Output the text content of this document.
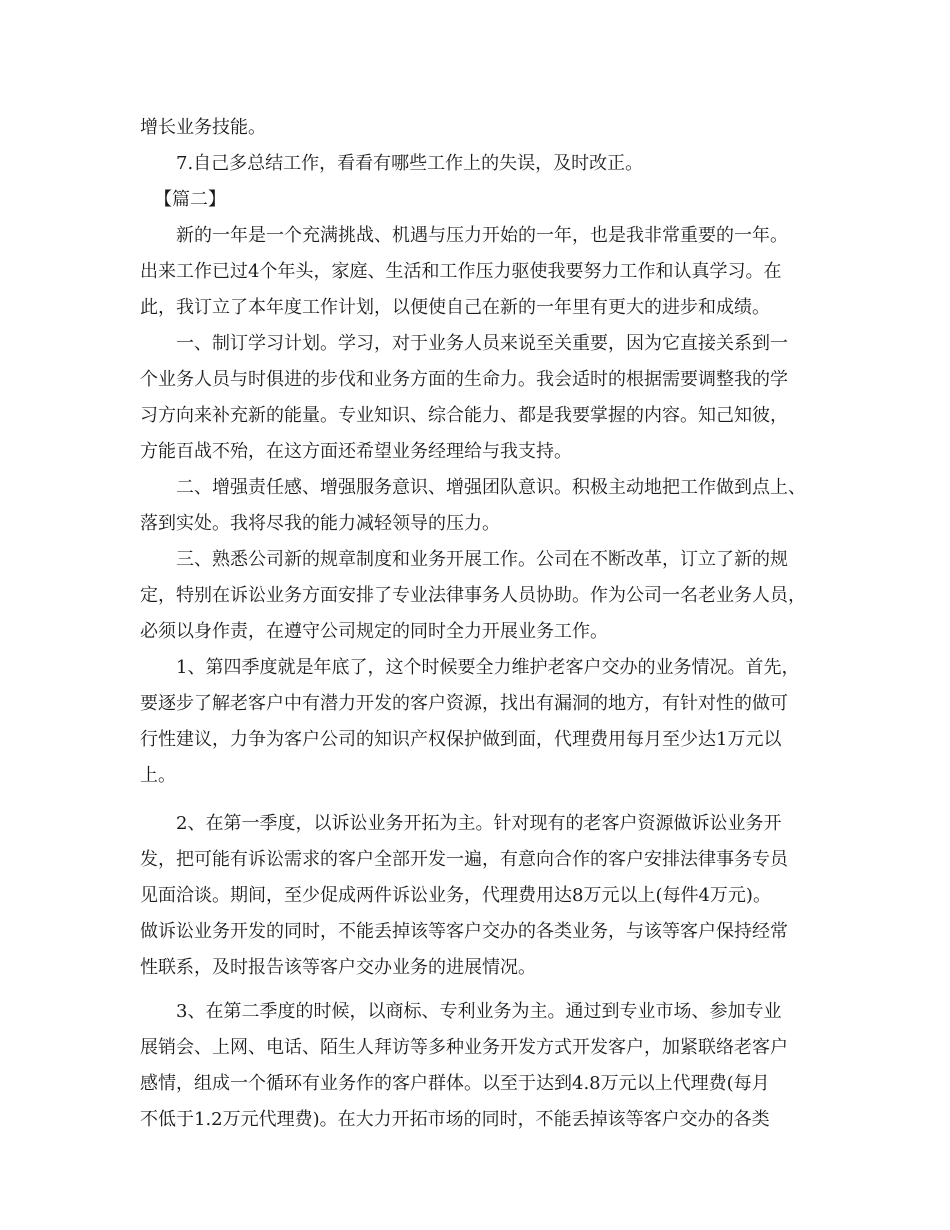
增长业务技能。
7.自己多总结工作，看看有哪些工作上的失误，及时改正。
【篇二】
新的一年是一个充满挑战、机遇与压力开始的一年，也是我非常重要的一年。
出来工作已过4个年头，家庭、生活和工作压力驱使我要努力工作和认真学习。在
此，我订立了本年度工作计划，以便使自己在新的一年里有更大的进步和成绩。
一、制订学习计划。学习，对于业务人员来说至关重要，因为它直接关系到一
个业务人员与时俱进的步伐和业务方面的生命力。我会适时的根据需要调整我的学
习方向来补充新的能量。专业知识、综合能力、都是我要掌握的内容。知己知彼，
方能百战不殆，在这方面还希望业务经理给与我支持。
二、增强责任感、增强服务意识、增强团队意识。积极主动地把工作做到点上、
落到实处。我将尽我的能力减轻领导的压力。
三、熟悉公司新的规章制度和业务开展工作。公司在不断改革，订立了新的规
定，特别在诉讼业务方面安排了专业法律事务人员协助。作为公司一名老业务人员，
必须以身作责，在遵守公司规定的同时全力开展业务工作。
1、第四季度就是年底了，这个时候要全力维护老客户交办的业务情况。首先，
要逐步了解老客户中有潜力开发的客户资源，找出有漏洞的地方，有针对性的做可
行性建议，力争为客户公司的知识产权保护做到面，代理费用每月至少达1万元以
上。
2、在第一季度，以诉讼业务开拓为主。针对现有的老客户资源做诉讼业务开
发，把可能有诉讼需求的客户全部开发一遍，有意向合作的客户安排法律事务专员
见面洽谈。期间，至少促成两件诉讼业务，代理费用达8万元以上(每件4万元)。
做诉讼业务开发的同时，不能丢掉该等客户交办的各类业务，与该等客户保持经常
性联系，及时报告该等客户交办业务的进展情况。
3、在第二季度的时候，以商标、专利业务为主。通过到专业市场、参加专业
展销会、上网、电话、陌生人拜访等多种业务开发方式开发客户，加紧联络老客户
感情，组成一个循环有业务作的客户群体。以至于达到4.8万元以上代理费(每月
不低于1.2万元代理费)。在大力开拓市场的同时，不能丢掉该等客户交办的各类
